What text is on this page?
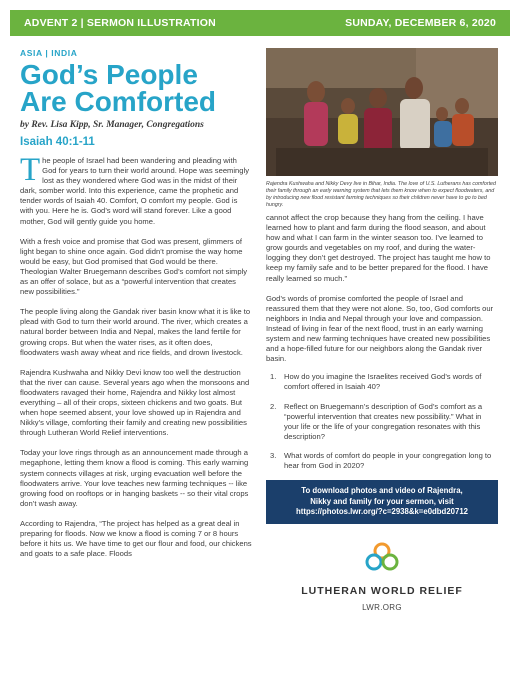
ADVENT 2 | SERMON ILLUSTRATION	SUNDAY, DECEMBER 6, 2020
ASIA | INDIA
God’s People
Are Comforted
by Rev. Lisa Kipp, Sr. Manager, Congregations
Isaiah 40:1-11

The people of Israel had been wandering and pleading with God for years to turn their world around. Hope was seemingly lost as they wondered where God was in the midst of their dark, somber world. Into this experience, came the prophetic and tender words of Isaiah 40. Comfort, O comfort my people. God is with you. Here he is. God’s word will stand forever. Like a good mother, God will gently guide you home.

With a fresh voice and promise that God was present, glimmers of light began to shine once again. God didn’t promise the way home would be easy, but God promised that God would be there. Theologian Walter Bruegemann describes God’s comfort not simply as an offer of solace, but as a “powerful intervention that creates new possibilities.”

The people living along the Gandak river basin know what it is like to plead with God to turn their world around. The river, which creates a natural border between India and Nepal, makes the land fertile for growing crops. But when the water rises, as it often does, floodwaters wash away wheat and rice fields, and drown livestock.

Rajendra Kushwaha and Nikky Devi know too well the destruction that the river can cause. Several years ago when the monsoons and floodwaters ravaged their home, Rajendra and Nikky lost almost everything – all of their crops, sixteen chickens and two goats. But when hope seemed absent, your love showed up in Rajendra and Nikky’s village, comforting their family and creating new possibilities through Lutheran World Relief interventions.

Today your love rings through as an announcement made through a megaphone, letting them know a flood is coming. This early warning system connects villages at risk, urging evacuation well before the floodwaters arrive. Your love teaches new farming techniques -- like growing food on rooftops or in hanging baskets -- so their vital crops don’t wash away.

According to Rajendra, “The project has helped as a great deal in preparing for floods. Now we know a flood is coming 7 or 8 hours before it hits us. We have time to get our flour and food, our chickens and goats to a safe place. Floods

Rajendra Kushwaha and Nikky Devy live in Bihar, India. The love of U.S. Lutherans has comforted their family through an early warning system that lets them know when to expect floodwaters, and by introducing new flood resistant farming techniques so their children never have to go to bed hungry.

cannot affect the crop because they hang from the ceiling. I have learned how to plant and farm during the flood season, and about how and what I can farm in the winter season too. I’ve learned to grow gourds and vegetables on my roof, and during the water-logging they don’t get destroyed. The project has taught me how to keep my family safe and to be better prepared for the flood. I have really learned so much.”

God’s words of promise comforted the people of Israel and reassured them that they were not alone. So, too, God comforts our neighbors in India and Nepal through your love and compassion. Instead of living in fear of the next flood, trust in an early warning system and new farming techniques have created new possibilities and a hope-filled future for our neighbors along the Gandak river basin.

1. How do you imagine the Israelites received God’s words of comfort offered in Isaiah 40?
2. Reflect on Bruegemann’s description of God’s comfort as a “powerful intervention that creates new possibility.” What in your life or the life of your congregation resonates with this description?
3. What words of comfort do people in your congregation long to hear from God in 2020?
To download photos and video of Rajendra,
Nikky and family for your sermon, visit
https://photos.lwr.org/?c=2938&k=e0dbd20712
LUTHERAN WORLD RELIEF
LWR.ORG
